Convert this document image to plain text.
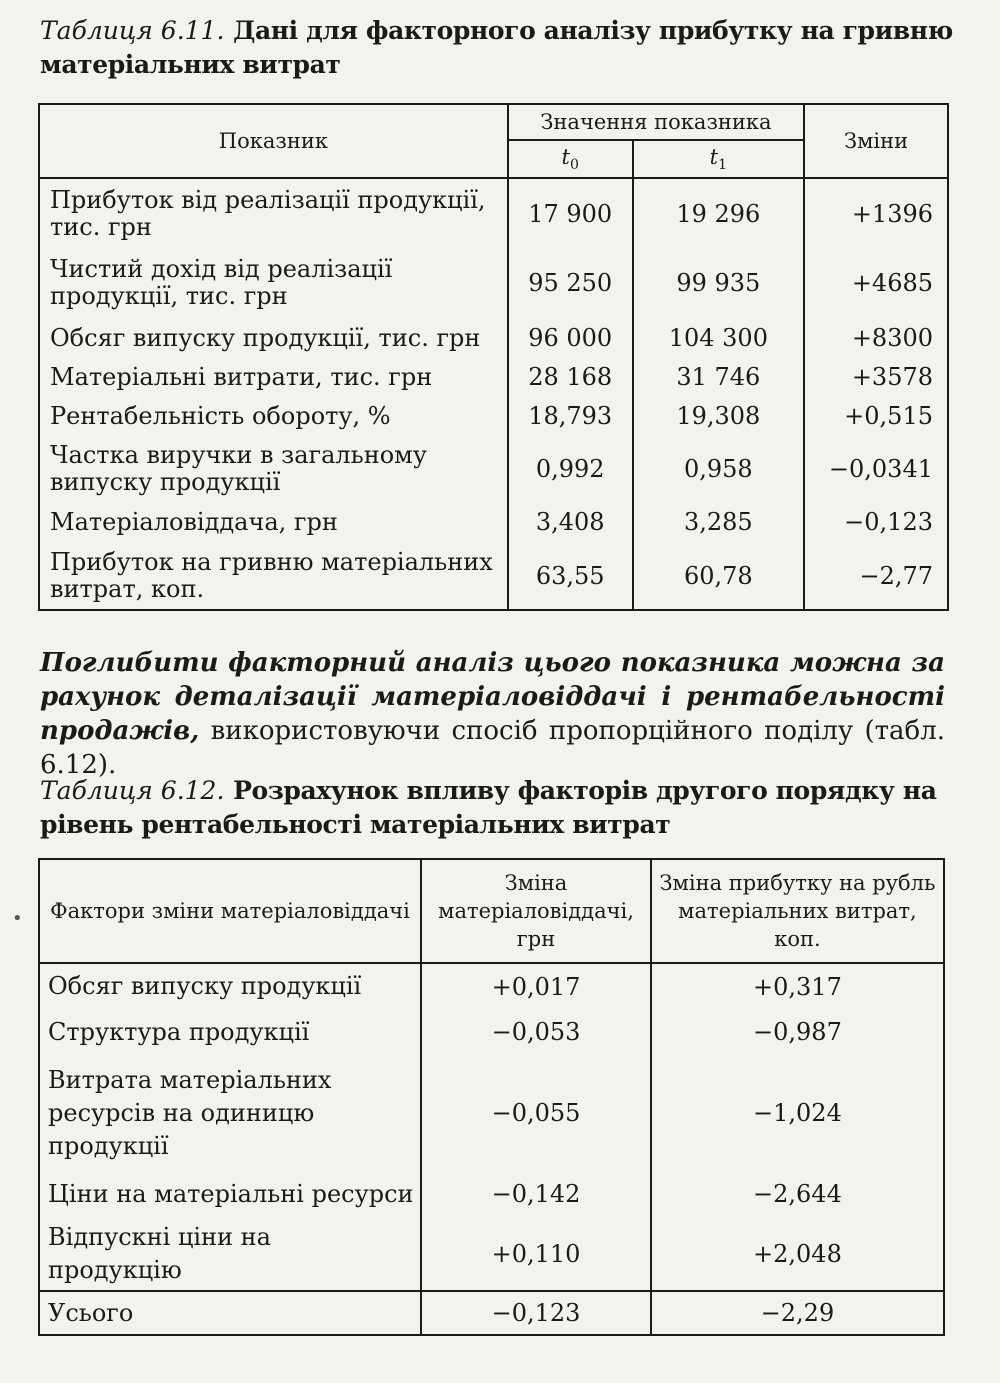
Таблиця 6.11. Дані для факторного аналізу прибутку на гривню матеріальних витрат
Показник	Значення показника		Зміни
	$t_0$	$t_1$
Прибуток від реалізації продукції, тис. грн	17 900	19 296	+1396
Чистий дохід від реалізації продукції, тис. грн	95 250	99 935	+4685
Обсяг випуску продукції, тис. грн	96 000	104 300	+8300
Матеріальні витрати, тис. грн	28 168	31 746	+3578
Рентабельність обороту, %	18,793	19,308	+0,515
Частка виручки в загальному випуску продукції	0,992	0,958	−0,0341
Матеріаловіддача, грн	3,408	3,285	−0,123
Прибуток на гривню матеріальних витрат, коп.	63,55	60,78	−2,77
Поглибити факторний аналіз цього показника можна за рахунок деталізації матеріаловіддачі і рентабельності продажів, використовуючи спосіб пропорційного поділу (табл. 6.12).
Таблиця 6.12. Розрахунок впливу факторів другого порядку на рівень рентабельності матеріальних витрат
• Фактори зміни матеріаловіддачі	Зміна матеріаловіддачі, грн	Зміна прибутку на рубль матеріальних витрат, коп.
Обсяг випуску продукції	+0,017	+0,317
Структура продукції	−0,053	−0,987
Витрата матеріальних ресурсів на одиницю продукції	−0,055	−1,024
Ціни на матеріальні ресурси	−0,142	−2,644
Відпускні ціни на продукцію	+0,110	+2,048
Усього	−0,123	−2,29
